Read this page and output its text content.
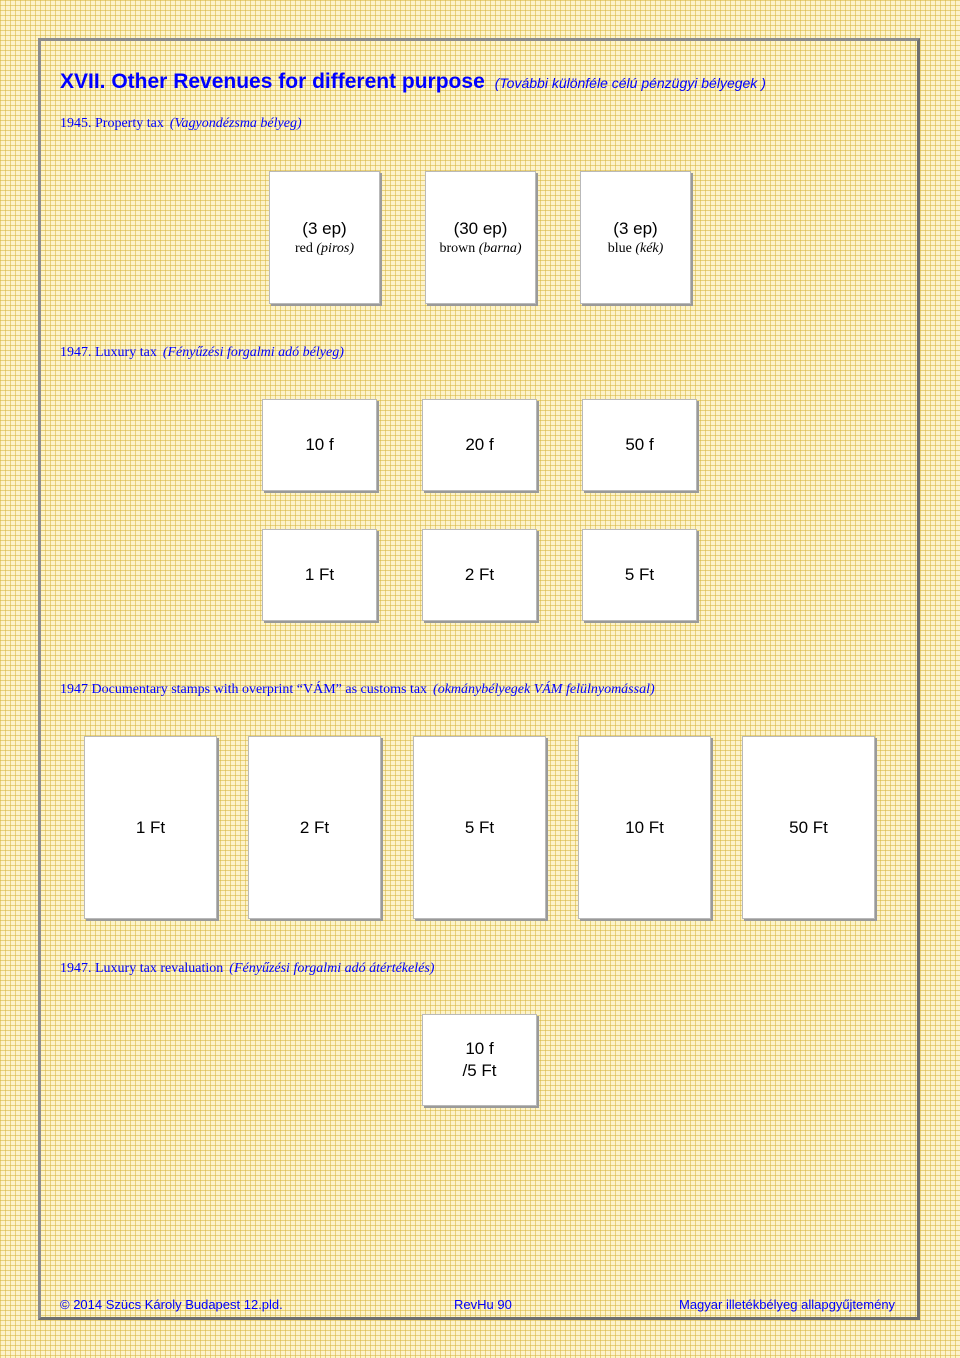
XVII. Other Revenues for different purpose (További különféle célú pénzügyi bélyegek )
1945. Property tax (Vagyondézsma bélyeg)
(3 ep)
red (piros)
(30 ep)
brown (barna)
(3 ep)
blue (kék)
1947. Luxury tax (Fényűzési forgalmi adó bélyeg)
10 f	20 f	50 f
1 Ft	2 Ft	5 Ft
1947 Documentary stamps with overprint “VÁM” as customs tax (okmánybélyegek VÁM felülnyomással)
1 Ft	2 Ft	5 Ft	10 Ft	50 Ft
1947. Luxury tax revaluation (Fényűzési forgalmi adó átértékelés)
10 f
/5 Ft
© 2014 Szücs Károly Budapest 12.pld.	RevHu 90	Magyar illetékbélyeg allapgyűjtemény
